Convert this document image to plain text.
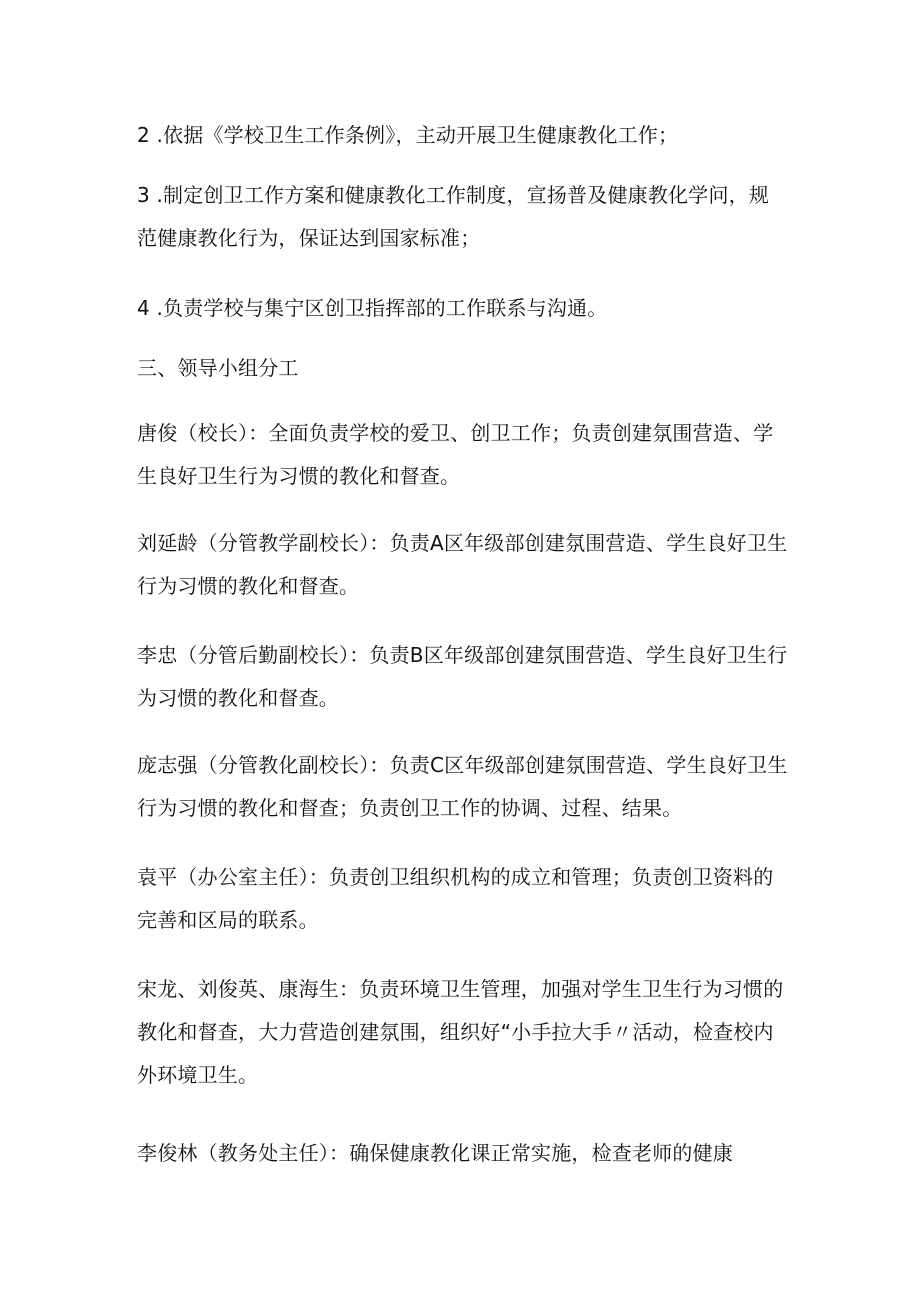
2 .依据《学校卫生工作条例》，主动开展卫生健康教化工作；

3 .制定创卫工作方案和健康教化工作制度，宣扬普及健康教化学问，规
范健康教化行为，保证达到国家标准；

4 .负责学校与集宁区创卫指挥部的工作联系与沟通。

三、领导小组分工

唐俊（校长）：全面负责学校的爱卫、创卫工作；负责创建氛围营造、学
生良好卫生行为习惯的教化和督查。

刘延龄（分管教学副校长）：负责A区年级部创建氛围营造、学生良好卫生
行为习惯的教化和督查。

李忠（分管后勤副校长）：负责B区年级部创建氛围营造、学生良好卫生行
为习惯的教化和督查。

庞志强（分管教化副校长）：负责C区年级部创建氛围营造、学生良好卫生
行为习惯的教化和督查；负责创卫工作的协调、过程、结果。

袁平（办公室主任）：负责创卫组织机构的成立和管理；负责创卫资料的
完善和区局的联系。

宋龙、刘俊英、康海生：负责环境卫生管理，加强对学生卫生行为习惯的
教化和督查，大力营造创建氛围，组织好“小手拉大手〃活动，检查校内
外环境卫生。

李俊林（教务处主任）：确保健康教化课正常实施，检查老师的健康
